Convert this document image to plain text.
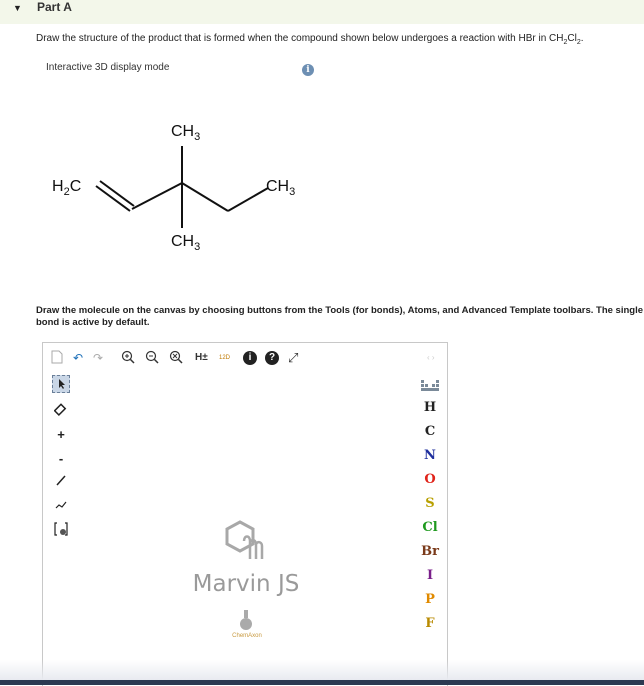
▼ Part A
Draw the structure of the product that is formed when the compound shown below undergoes a reaction with HBr in $CH_2Cl_2$.
Interactive 3D display mode	i
$CH_3$
$H_2C$	$CH_3$
$CH_3$
Draw the molecule on the canvas by choosing buttons from the Tools (for bonds), Atoms, and Advanced Template toolbars. The single bond is active by default.
↶ ↷	H± 12D	i	? ⤢	‹ ›
+
-
Marvin JS
ChemAxon
H
C
N
O
S
Cl
Br
I
P
F
